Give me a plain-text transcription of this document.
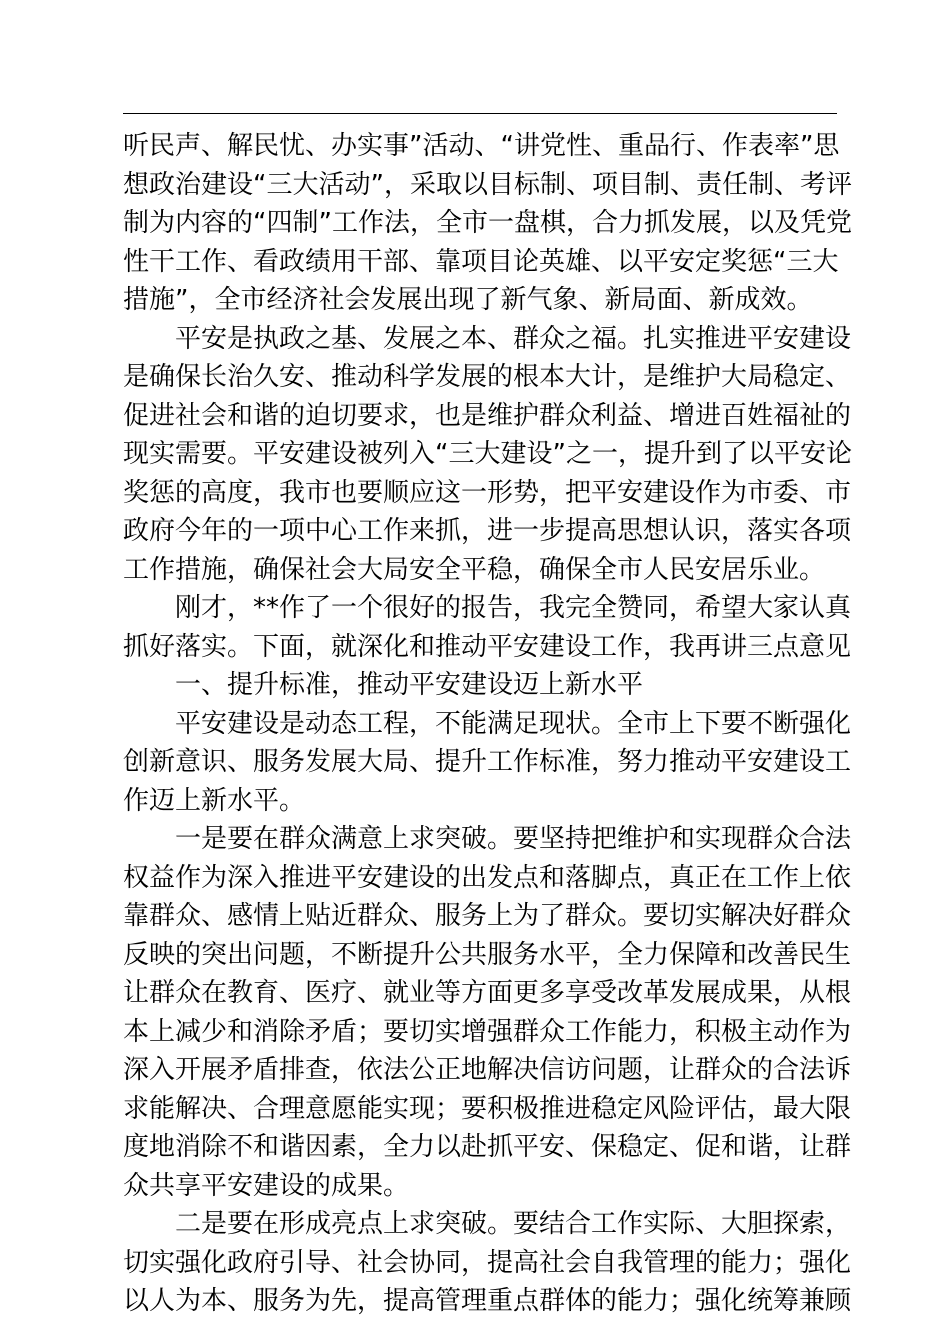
听民声、解民忧、办实事”活动、“讲党性、重品行、作表率”思
想政治建设“三大活动”，采取以目标制、项目制、责任制、考评
制为内容的“四制”工作法，全市一盘棋，合力抓发展，以及凭党
性干工作、看政绩用干部、靠项目论英雄、以平安定奖惩“三大
措施”，全市经济社会发展出现了新气象、新局面、新成效。
平安是执政之基、发展之本、群众之福。扎实推进平安建设
是确保长治久安、推动科学发展的根本大计，是维护大局稳定、
促进社会和谐的迫切要求，也是维护群众利益、增进百姓福祉的
现实需要。平安建设被列入“三大建设”之一，提升到了以平安论
奖惩的高度，我市也要顺应这一形势，把平安建设作为市委、市
政府今年的一项中心工作来抓，进一步提高思想认识，落实各项
工作措施，确保社会大局安全平稳，确保全市人民安居乐业。
刚才，**作了一个很好的报告，我完全赞同，希望大家认真
抓好落实。下面，就深化和推动平安建设工作，我再讲三点意见
一、提升标准，推动平安建设迈上新水平
平安建设是动态工程，不能满足现状。全市上下要不断强化
创新意识、服务发展大局、提升工作标准，努力推动平安建设工
作迈上新水平。
一是要在群众满意上求突破。要坚持把维护和实现群众合法
权益作为深入推进平安建设的出发点和落脚点，真正在工作上依
靠群众、感情上贴近群众、服务上为了群众。要切实解决好群众
反映的突出问题，不断提升公共服务水平，全力保障和改善民生
让群众在教育、医疗、就业等方面更多享受改革发展成果，从根
本上减少和消除矛盾；要切实增强群众工作能力，积极主动作为
深入开展矛盾排查，依法公正地解决信访问题，让群众的合法诉
求能解决、合理意愿能实现；要积极推进稳定风险评估，最大限
度地消除不和谐因素，全力以赴抓平安、保稳定、促和谐，让群
众共享平安建设的成果。
二是要在形成亮点上求突破。要结合工作实际、大胆探索，
切实强化政府引导、社会协同，提高社会自我管理的能力；强化
以人为本、服务为先，提高管理重点群体的能力；强化统筹兼顾
